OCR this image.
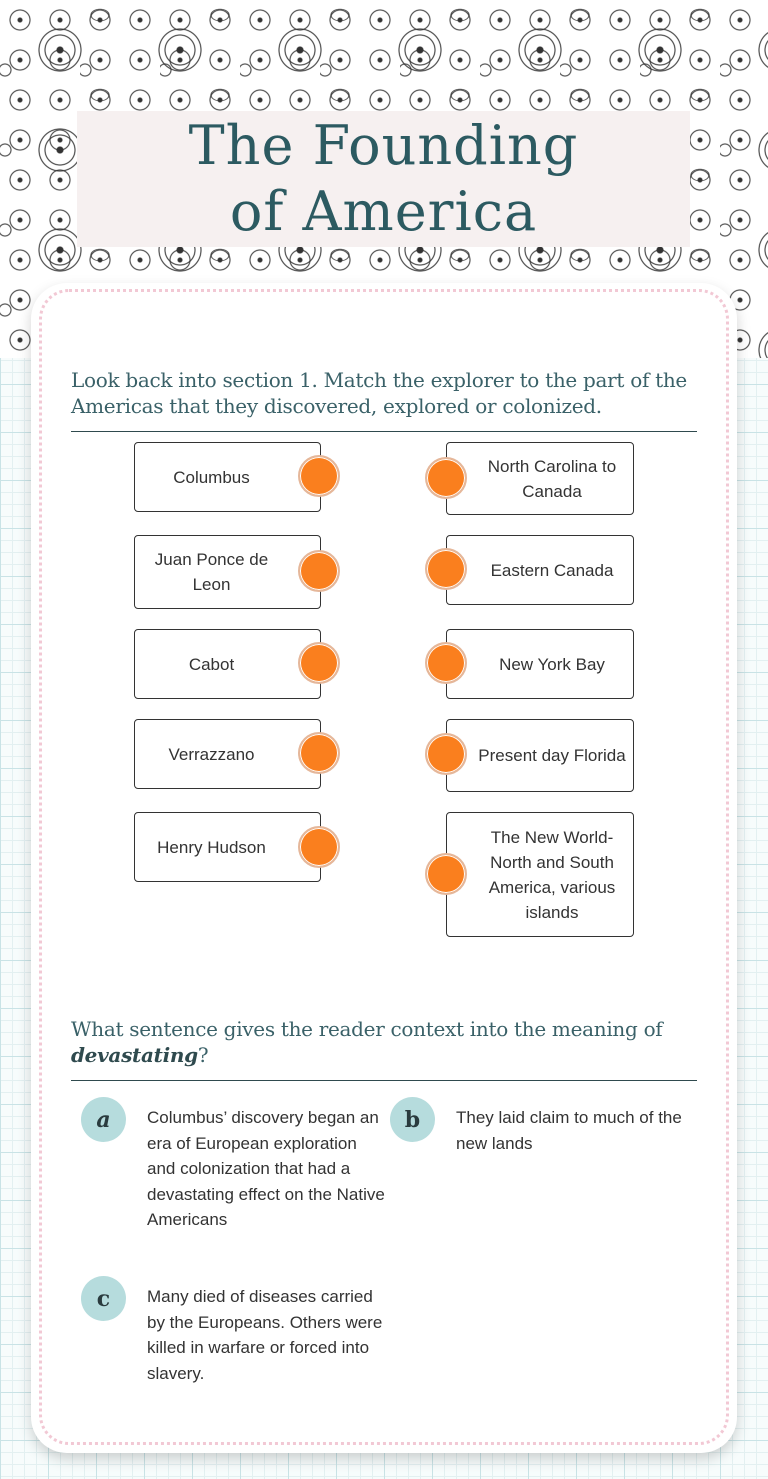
The Founding of America
Look back into section 1. Match the explorer to the part of the Americas that they discovered, explored or colonized.
Columbus
Juan Ponce de Leon
Cabot
Verrazzano
Henry Hudson
North Carolina to Canada
Eastern Canada
New York Bay
Present day Florida
The New World- North and South America, various islands
What sentence gives the reader context into the meaning of devastating?
a	Columbus’ discovery began an era of European exploration and colonization that had a devastating effect on the Native Americans
b	They laid claim to much of the new lands
c	Many died of diseases carried by the Europeans. Others were killed in warfare or forced into slavery.
